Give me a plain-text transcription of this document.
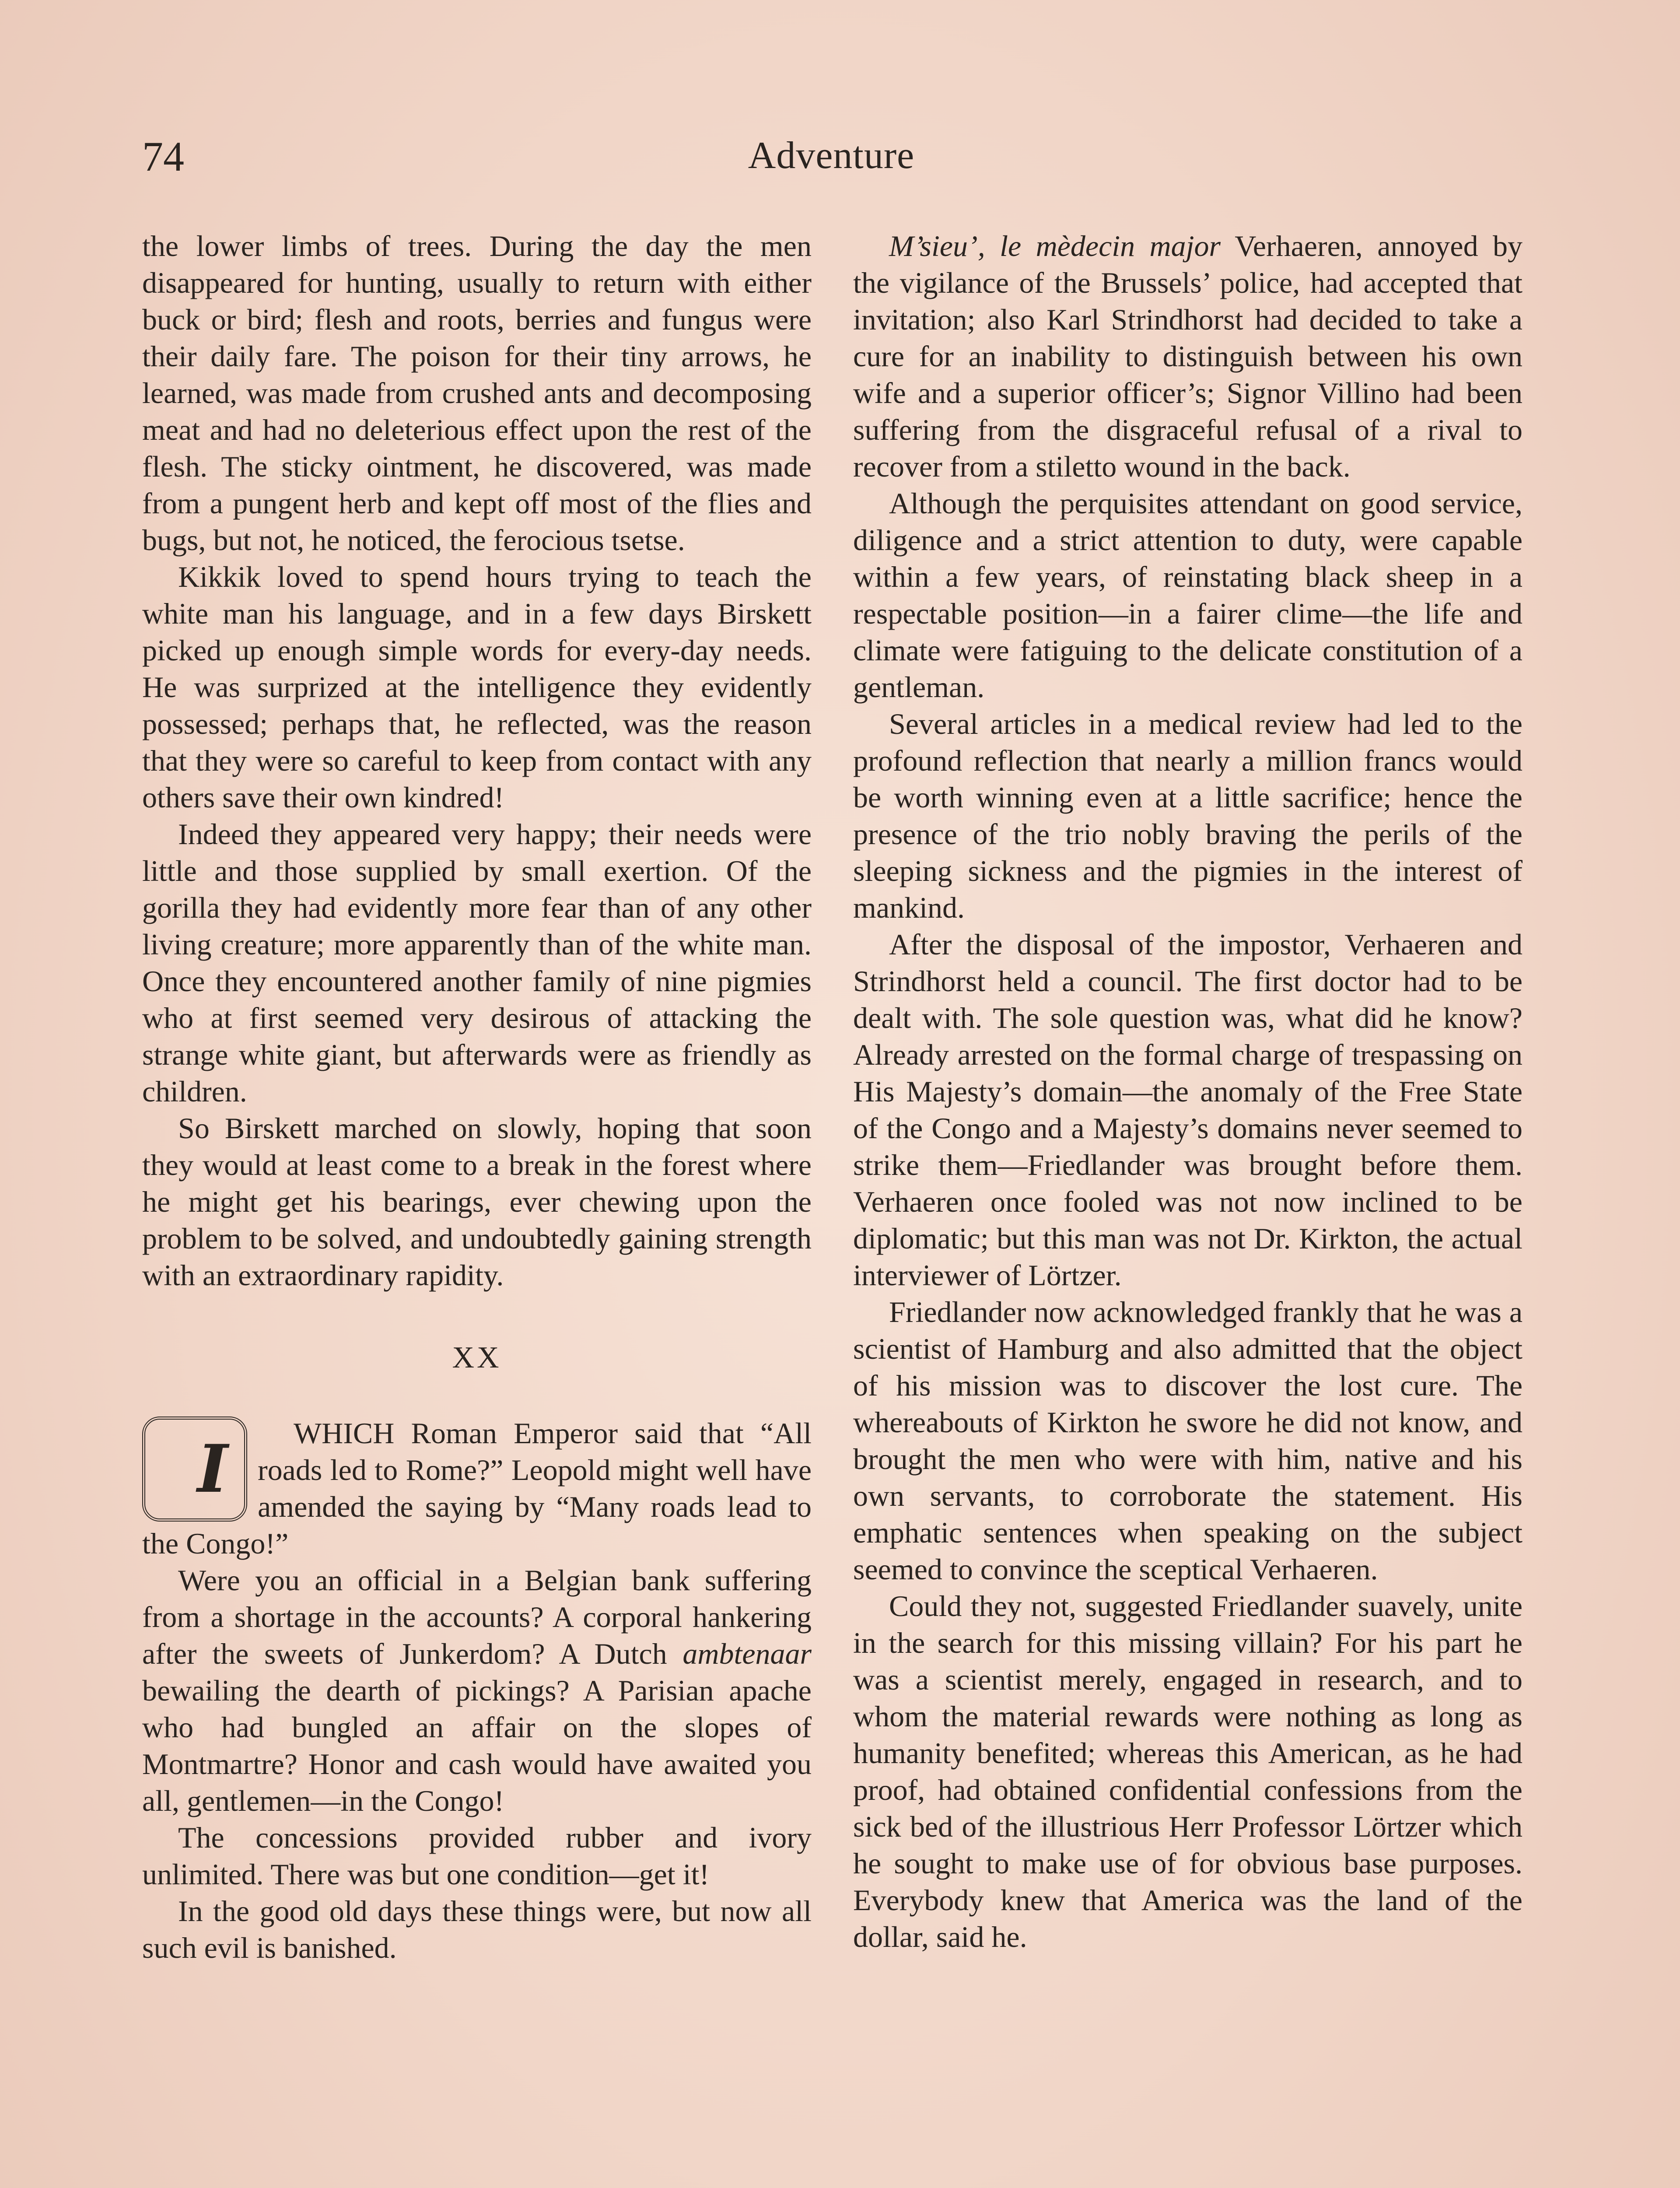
74	Adventure

the lower limbs of trees. During the day the men disappeared for hunting, usually to return with either buck or bird; flesh and roots, berries and fungus were their daily fare. The poison for their tiny arrows, he learned, was made from crushed ants and decomposing meat and had no deleterious effect upon the rest of the flesh. The sticky ointment, he discovered, was made from a pungent herb and kept off most of the flies and bugs, but not, he noticed, the ferocious tsetse.

Kikkik loved to spend hours trying to teach the white man his language, and in a few days Birskett picked up enough simple words for every-day needs. He was surprized at the intelligence they evidently possessed; perhaps that, he reflected, was the reason that they were so careful to keep from contact with any others save their own kindred!

Indeed they appeared very happy; their needs were little and those supplied by small exertion. Of the gorilla they had evidently more fear than of any other living creature; more apparently than of the white man. Once they encountered another family of nine pigmies who at first seemed very desirous of attacking the strange white giant, but afterwards were as friendly as children.

So Birskett marched on slowly, hoping that soon they would at least come to a break in the forest where he might get his bearings, ever chewing upon the problem to be solved, and undoubtedly gaining strength with an extraordinary rapidity.

XX

I	WHICH Roman Emperor said that “All roads led to Rome?” Leopold might well have amended the saying by “Many roads lead to the Congo!”

Were you an official in a Belgian bank suffering from a shortage in the accounts? A corporal hankering after the sweets of Junkerdom? A Dutch ambtenaar bewailing the dearth of pickings? A Parisian apache who had bungled an affair on the slopes of Montmartre? Honor and cash would have awaited you all, gentlemen—in the Congo!

The concessions provided rubber and ivory unlimited. There was but one condition—get it!

In the good old days these things were, but now all such evil is banished.

M’sieu’, le mèdecin major Verhaeren, annoyed by the vigilance of the Brussels’ police, had accepted that invitation; also Karl Strindhorst had decided to take a cure for an inability to distinguish between his own wife and a superior officer’s; Signor Villino had been suffering from the disgraceful refusal of a rival to recover from a stiletto wound in the back.

Although the perquisites attendant on good service, diligence and a strict attention to duty, were capable within a few years, of reinstating black sheep in a respectable position—in a fairer clime—the life and climate were fatiguing to the delicate constitution of a gentleman.

Several articles in a medical review had led to the profound reflection that nearly a million francs would be worth winning even at a little sacrifice; hence the presence of the trio nobly braving the perils of the sleeping sickness and the pigmies in the interest of mankind.

After the disposal of the impostor, Verhaeren and Strindhorst held a council. The first doctor had to be dealt with. The sole question was, what did he know? Already arrested on the formal charge of trespassing on His Majesty’s domain—the anomaly of the Free State of the Congo and a Majesty’s domains never seemed to strike them—Friedlander was brought before them. Verhaeren once fooled was not now inclined to be diplomatic; but this man was not Dr. Kirkton, the actual interviewer of Lörtzer.

Friedlander now acknowledged frankly that he was a scientist of Hamburg and also admitted that the object of his mission was to discover the lost cure. The whereabouts of Kirkton he swore he did not know, and brought the men who were with him, native and his own servants, to corroborate the statement. His emphatic sentences when speaking on the subject seemed to convince the sceptical Verhaeren.

Could they not, suggested Friedlander suavely, unite in the search for this missing villain? For his part he was a scientist merely, engaged in research, and to whom the material rewards were nothing as long as humanity benefited; whereas this American, as he had proof, had obtained confidential confessions from the sick bed of the illustrious Herr Professor Lörtzer which he sought to make use of for obvious base purposes. Everybody knew that America was the land of the dollar, said he.
